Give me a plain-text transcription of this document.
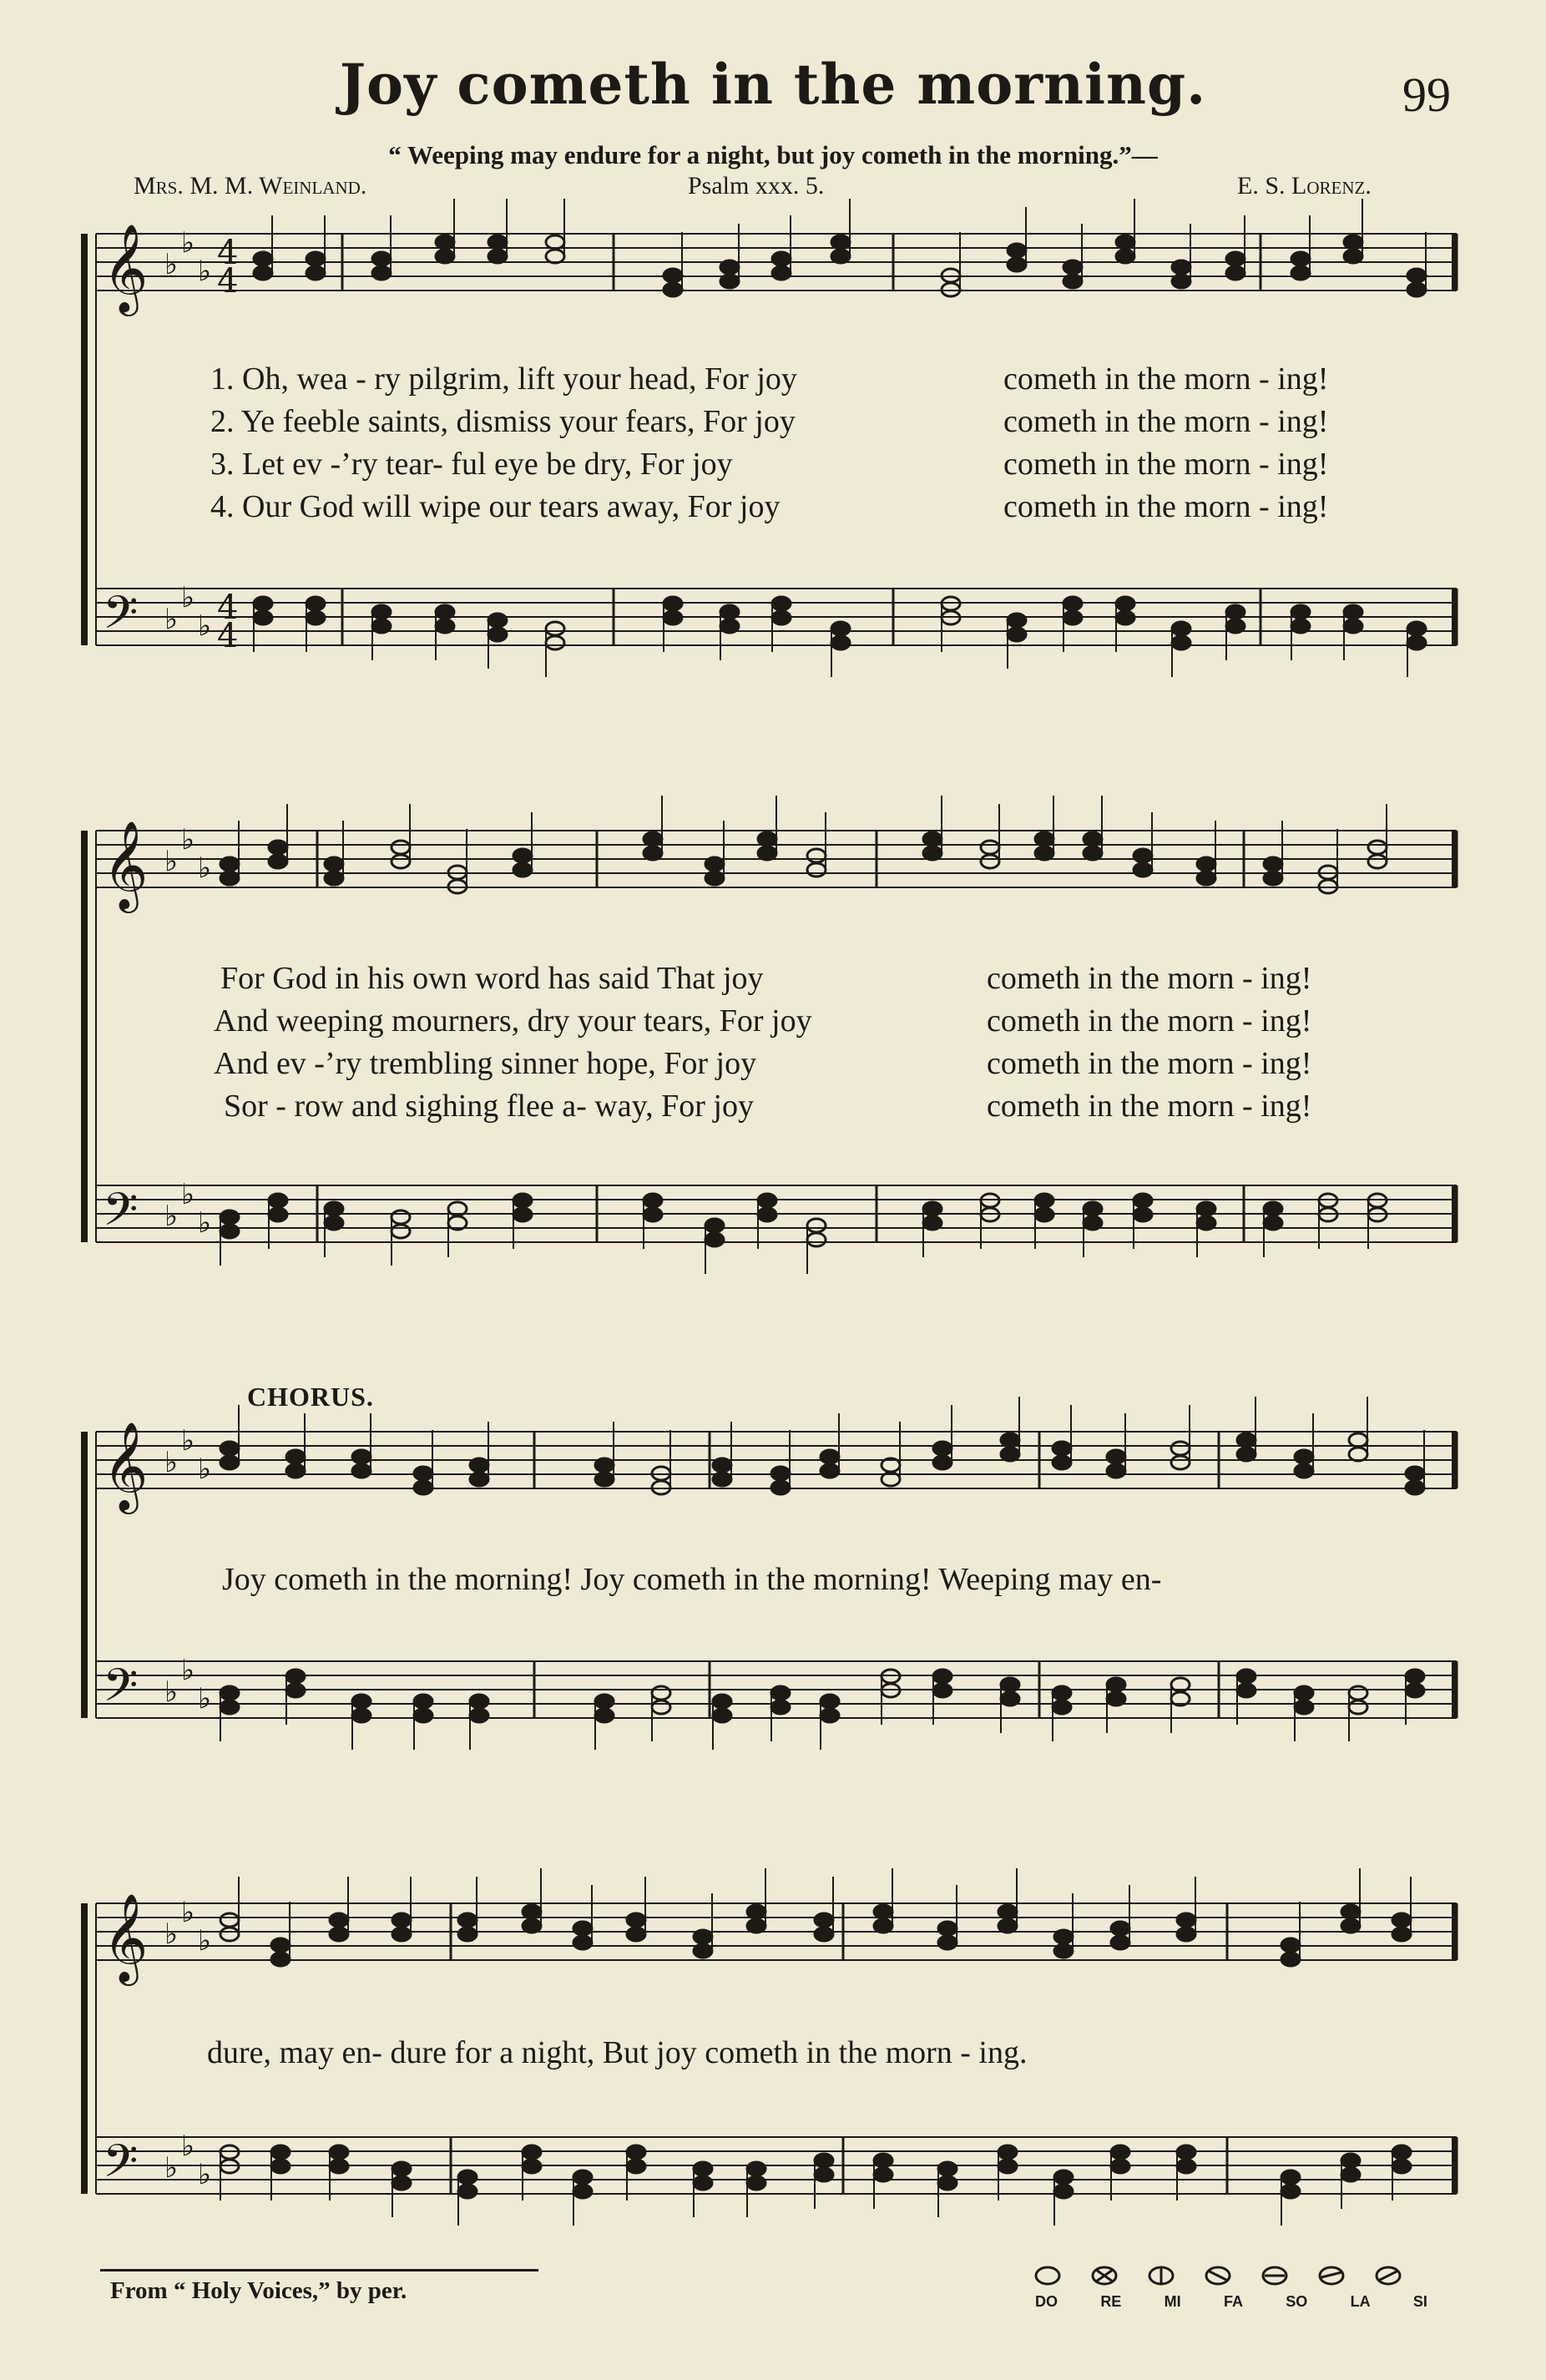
Joy cometh in the morning.	99
“ Weeping may endure for a night, but joy cometh in the morning.”—
Mrs. M. M. Weinland.	Psalm xxx. 5.	E. S. Lorenz.
𝄞
𝄢
♭
♭
♭
♭
♭
♭
4
4
4
4
𝄞
𝄢
♭
♭
♭
♭
♭
♭
𝄞
𝄢
♭
♭
♭
♭
♭
♭
𝄞
𝄢
♭
♭
♭
♭
♭
♭
1. Oh, wea - ry pilgrim, lift your head, For joy	cometh in the morn - ing!
2. Ye feeble saints, dismiss your fears, For joy	cometh in the morn - ing!
3. Let ev -’ry tear- ful eye be dry, For joy	cometh in the morn - ing!
4. Our God will wipe our tears away, For joy	cometh in the morn - ing!
For God in his own word has said That joy	cometh in the morn - ing!
And weeping mourners, dry your tears, For joy	cometh in the morn - ing!
And ev -’ry trembling sinner hope, For joy	cometh in the morn - ing!
Sor - row and sighing flee a- way, For joy	cometh in the morn - ing!
CHORUS.
Joy cometh in the morning! Joy cometh in the morning! Weeping may en-
dure, may en- dure for a night, But joy cometh in the morn - ing.
From “ Holy Voices,” by per.	DO	RE	MI	FA	SO	LA	SI
